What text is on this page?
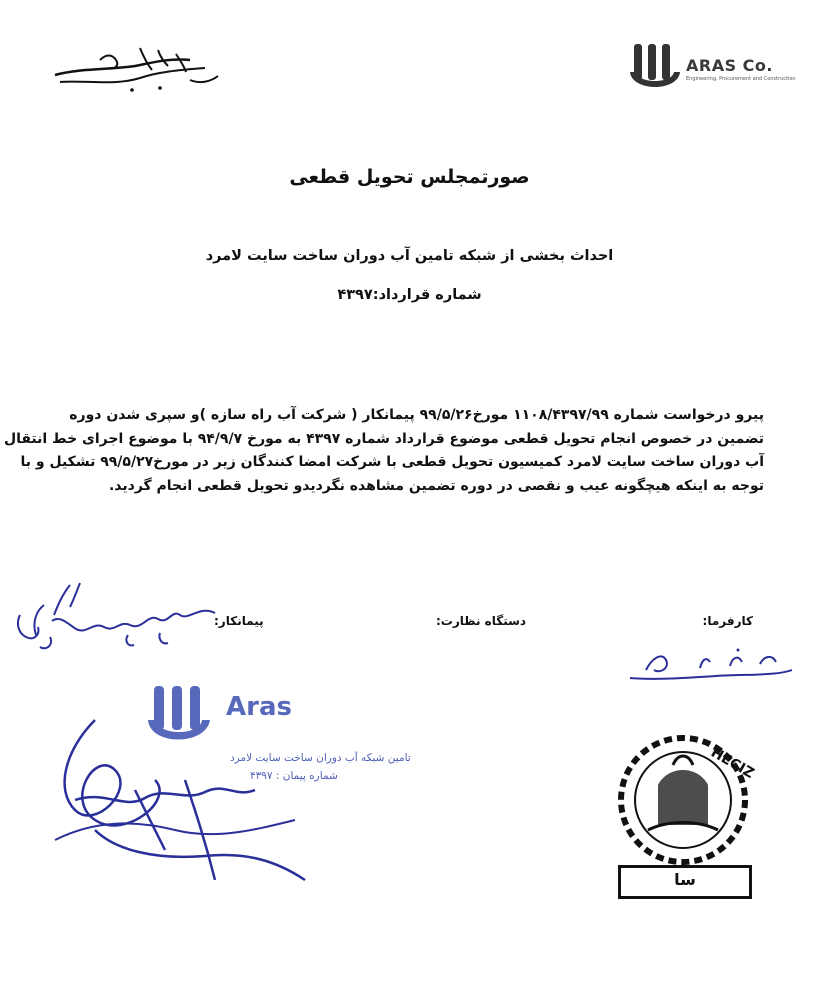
ARAS Co.
Engineering, Procurement and Construction
صورتمجلس تحویل قطعی
احداث بخشی از شبکه تامین آب دوران ساخت سایت لامرد
شماره قرارداد:۴۳۹۷
پیرو درخواست شماره ۱۱۰۸/۴۳۹۷/۹۹ مورخ۹۹/۵/۲۶ پیمانکار ( شرکت آب راه سازه )و سپری شدن دوره
تضمین در خصوص انجام تحویل قطعی موضوع قرارداد شماره ۴۳۹۷ به مورخ ۹۴/۹/۷ با موضوع اجرای خط انتقال
آب دوران ساخت سایت لامرد کمیسیون تحویل قطعی با شرکت امضا کنندگان زیر در مورخ۹۹/۵/۲۷ تشکیل و با
توجه به اینکه هیچگونه عیب و نقصی در دوره تضمین مشاهده نگردیدو تحویل قطعی انجام گردید.
کارفرما:
دستگاه نظارت:
پیمانکار:
Aras
تامین شبکه آب دوران ساخت سایت لامرد
شماره پیمان : ۴۳۹۷	HECIZ
سا
